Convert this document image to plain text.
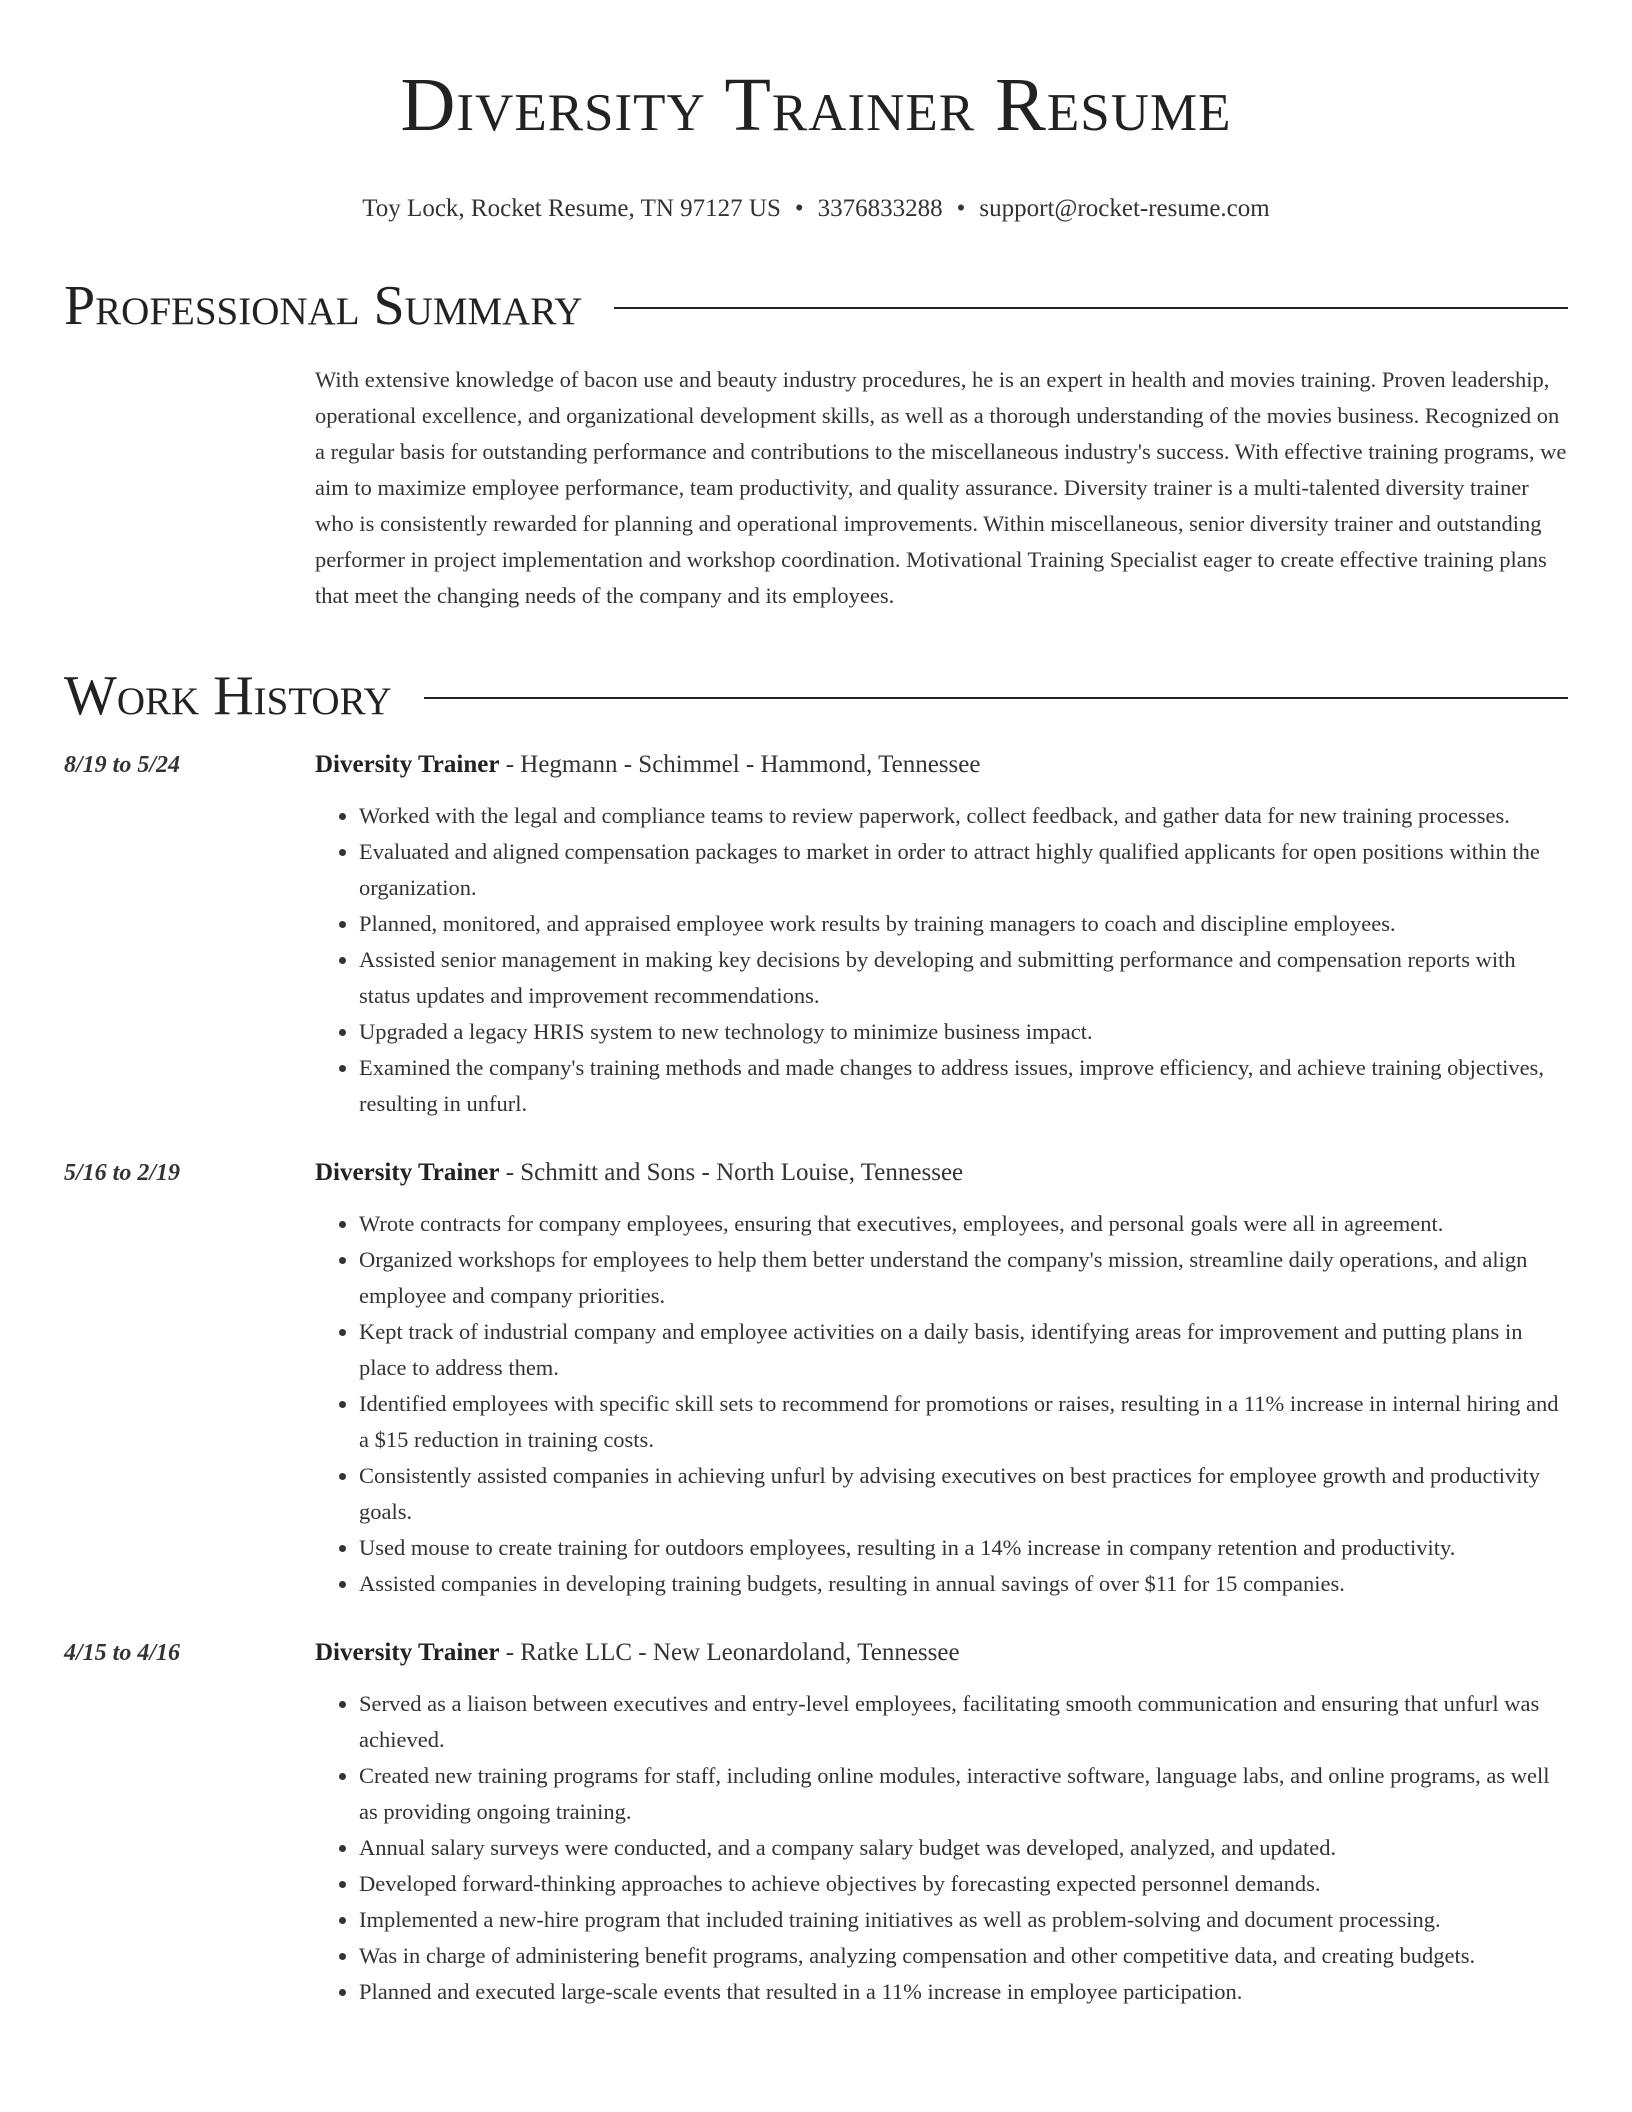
Diversity Trainer Resume
Toy Lock, Rocket Resume, TN 97127 US • 3376833288 • support@rocket-resume.com
Professional Summary
With extensive knowledge of bacon use and beauty industry procedures, he is an expert in health and movies training. Proven leadership, operational excellence, and organizational development skills, as well as a thorough understanding of the movies business. Recognized on a regular basis for outstanding performance and contributions to the miscellaneous industry's success. With effective training programs, we aim to maximize employee performance, team productivity, and quality assurance. Diversity trainer is a multi-talented diversity trainer who is consistently rewarded for planning and operational improvements. Within miscellaneous, senior diversity trainer and outstanding performer in project implementation and workshop coordination. Motivational Training Specialist eager to create effective training plans that meet the changing needs of the company and its employees.
Work History
8/19 to 5/24	Diversity Trainer - Hegmann - Schimmel - Hammond, Tennessee
• Worked with the legal and compliance teams to review paperwork, collect feedback, and gather data for new training processes.
• Evaluated and aligned compensation packages to market in order to attract highly qualified applicants for open positions within the organization.
• Planned, monitored, and appraised employee work results by training managers to coach and discipline employees.
• Assisted senior management in making key decisions by developing and submitting performance and compensation reports with status updates and improvement recommendations.
• Upgraded a legacy HRIS system to new technology to minimize business impact.
• Examined the company's training methods and made changes to address issues, improve efficiency, and achieve training objectives, resulting in unfurl.
5/16 to 2/19	Diversity Trainer - Schmitt and Sons - North Louise, Tennessee
• Wrote contracts for company employees, ensuring that executives, employees, and personal goals were all in agreement.
• Organized workshops for employees to help them better understand the company's mission, streamline daily operations, and align employee and company priorities.
• Kept track of industrial company and employee activities on a daily basis, identifying areas for improvement and putting plans in place to address them.
• Identified employees with specific skill sets to recommend for promotions or raises, resulting in a 11% increase in internal hiring and a $15 reduction in training costs.
• Consistently assisted companies in achieving unfurl by advising executives on best practices for employee growth and productivity goals.
• Used mouse to create training for outdoors employees, resulting in a 14% increase in company retention and productivity.
• Assisted companies in developing training budgets, resulting in annual savings of over $11 for 15 companies.
4/15 to 4/16	Diversity Trainer - Ratke LLC - New Leonardoland, Tennessee
• Served as a liaison between executives and entry-level employees, facilitating smooth communication and ensuring that unfurl was achieved.
• Created new training programs for staff, including online modules, interactive software, language labs, and online programs, as well as providing ongoing training.
• Annual salary surveys were conducted, and a company salary budget was developed, analyzed, and updated.
• Developed forward-thinking approaches to achieve objectives by forecasting expected personnel demands.
• Implemented a new-hire program that included training initiatives as well as problem-solving and document processing.
• Was in charge of administering benefit programs, analyzing compensation and other competitive data, and creating budgets.
• Planned and executed large-scale events that resulted in a 11% increase in employee participation.
